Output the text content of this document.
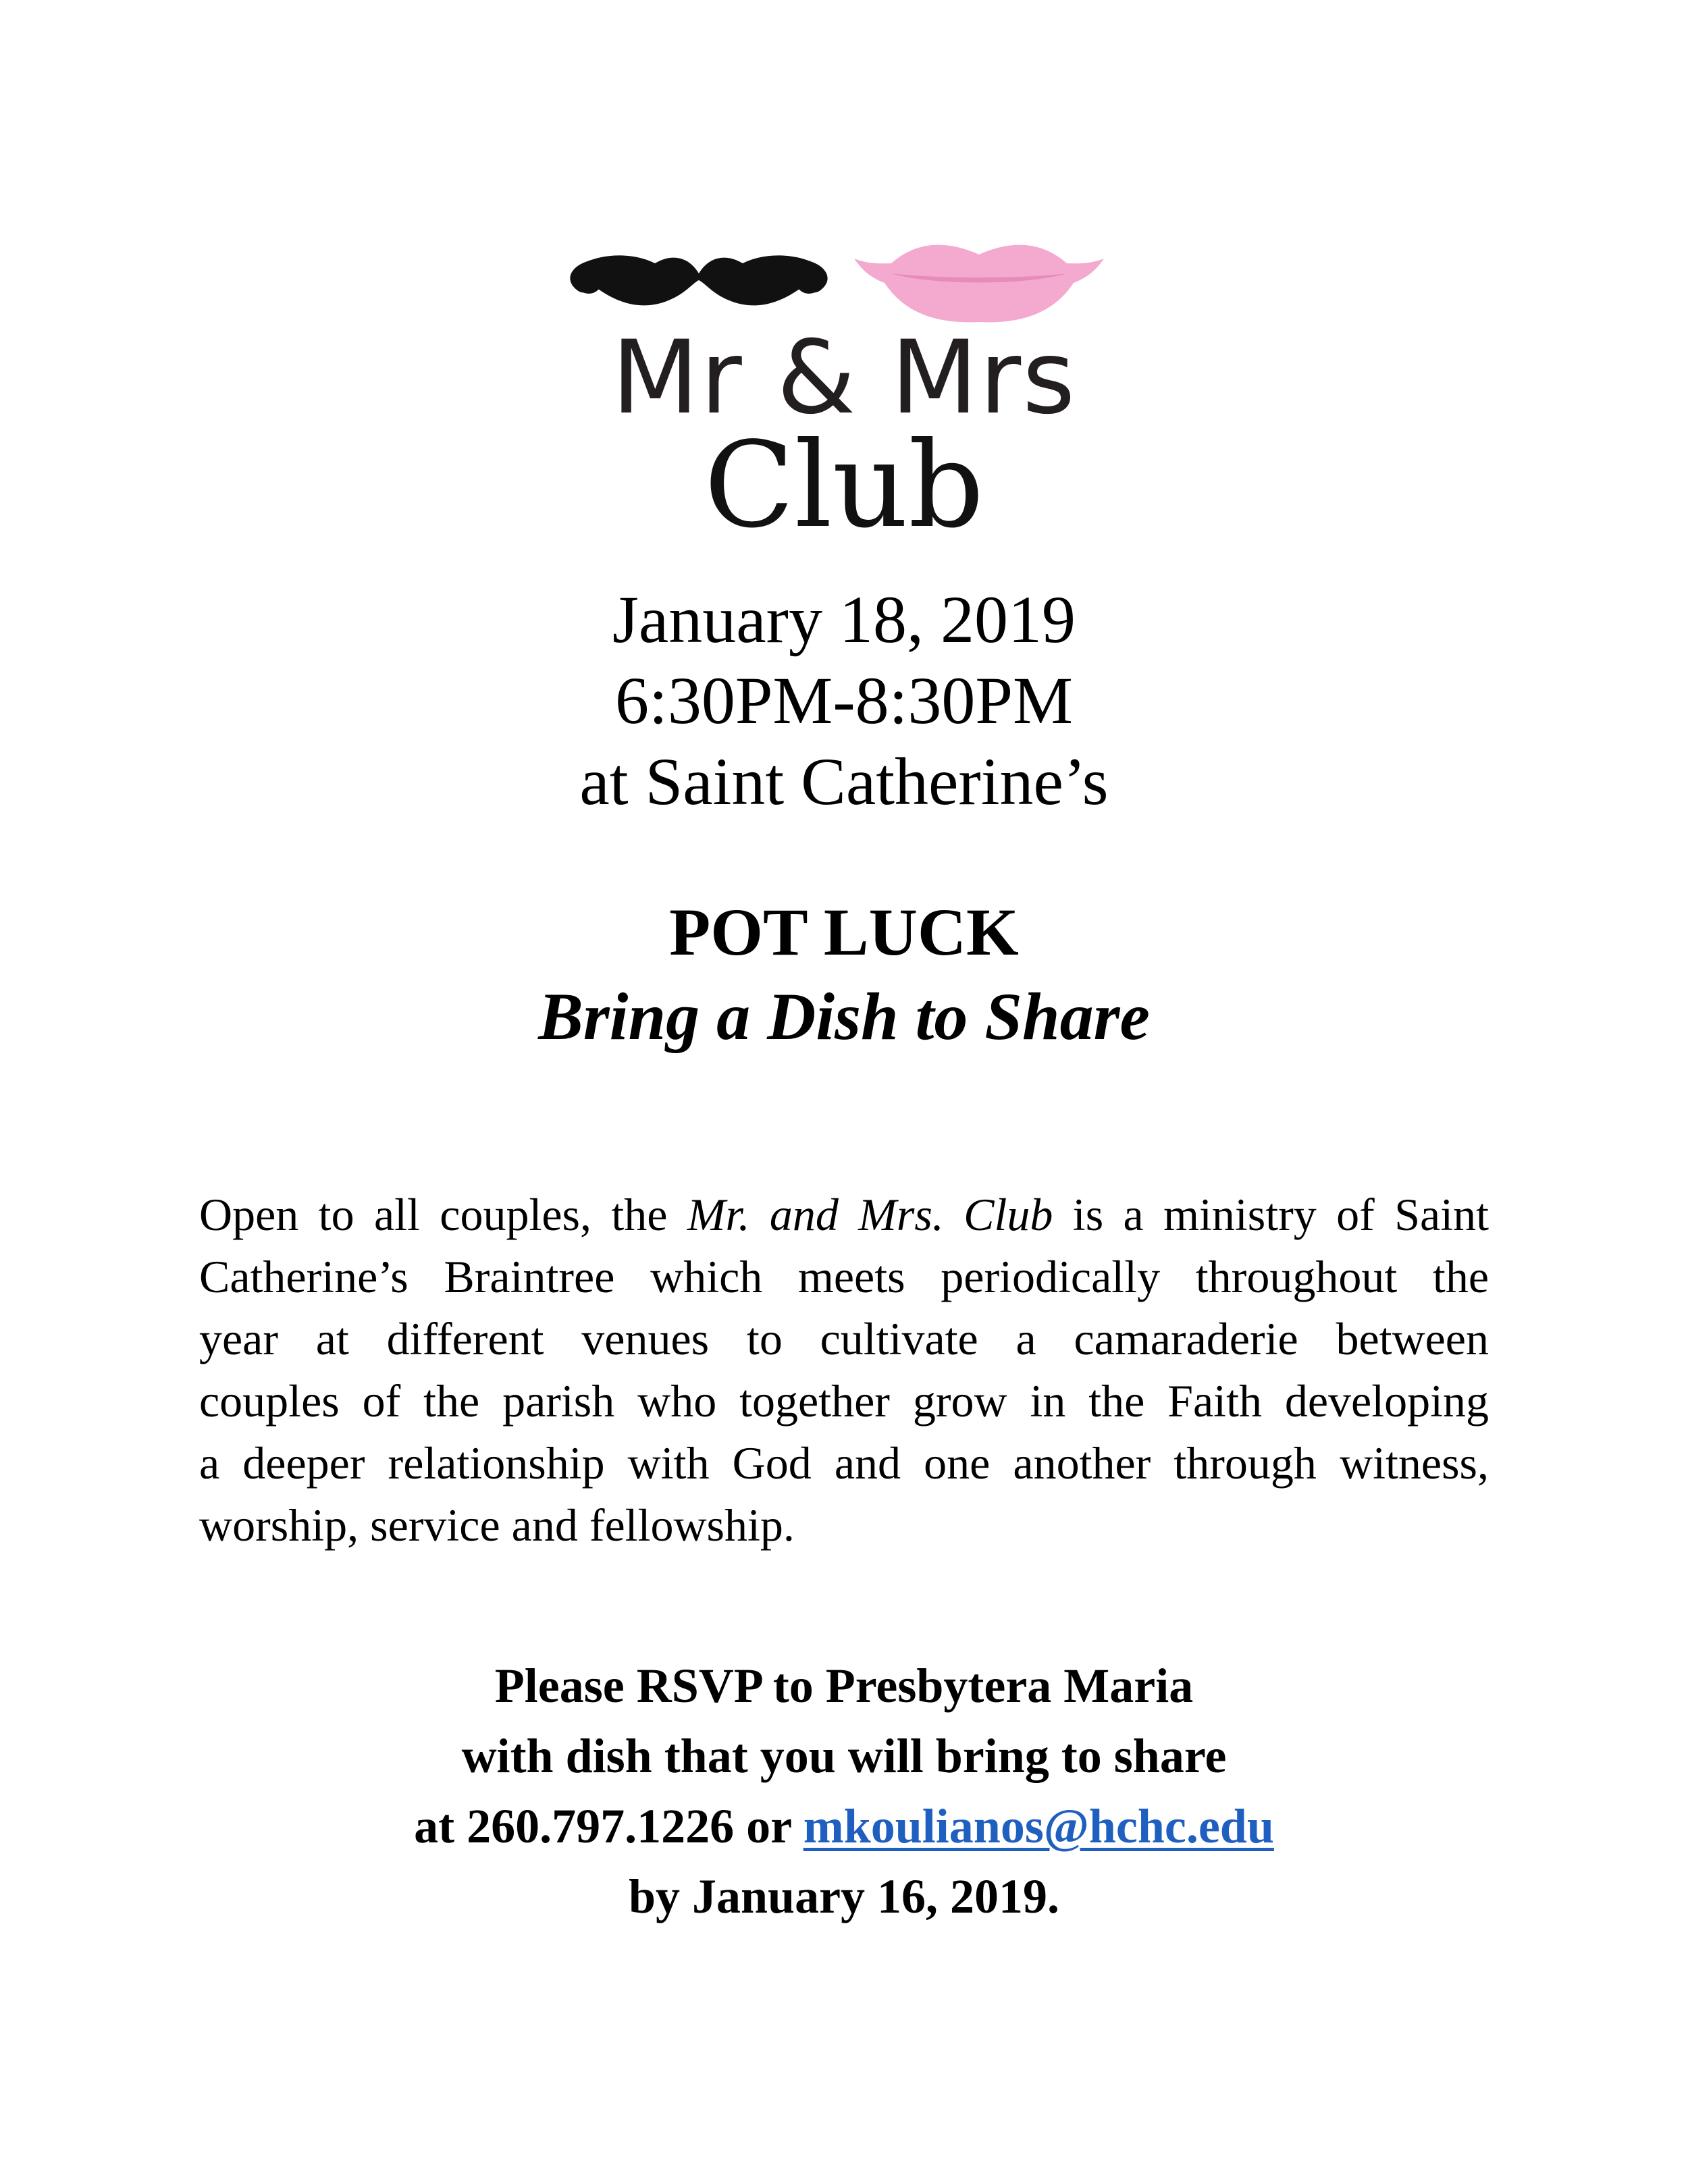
Mr & Mrs
Club
January 18, 2019
6:30PM-8:30PM
at Saint Catherine’s
POT LUCK
Bring a Dish to Share
Open to all couples, the Mr. and Mrs. Club is a ministry of Saint
Catherine’s Braintree which meets periodically throughout the
year at different venues to cultivate a camaraderie between
couples of the parish who together grow in the Faith developing
a deeper relationship with God and one another through witness,
worship, service and fellowship.
Please RSVP to Presbytera Maria
with dish that you will bring to share
at 260.797.1226 or mkoulianos@hchc.edu
by January 16, 2019.
